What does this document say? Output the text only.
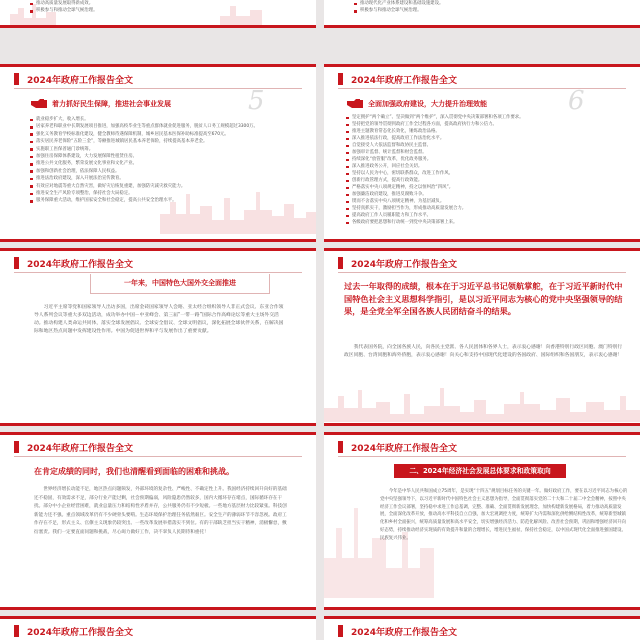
推动高质量发展取得新成效。
积极参与和推动全球气候治理。
推动现代化产业体系建设和基础设施建设。
积极参与和推动全球气候治理。
2024年政府工作报告全文
着力抓好民生保障，推进社会事业发展	5
就业稳步扩大，收入增长。
居家养老和职业中长期发展项目推进，加强高校毕业生等重点群体就业促进服务，脱贫人口务工规模超过3300万。
强化义务教育学校标准化建设，健全教师待遇保障机制，城乡居民基本医保补助标准提高至670元。
落实居民养老保险“五险三金”，等额推进城镇居民基本养老保险，持续提高基本养老金。
实施职工医保普通门诊统筹。
加强住房保障体系建设，大力发展保障性租赁住房。
推进公共文化服务，繁荣发展文化事业和文化产业。
加强和创新社会治理，依法保障人民权益。
推进法治政府建设，深入开展法治宣传教育。
有效应对地震等重大自然灾害，做好灾后恢复重建，加强防灾减灾救灾能力。
推进安全生产风险专项整治，保持社会大局稳定。
服务保障重大活动，维护国家安全和社会稳定，提高公共安全治理水平。
2024年政府工作报告全文
全面加强政府建设，大力提升治理效能	6
坚定拥护“两个确立”、坚决做到“两个维护”，深入贯彻党中央决策部署和各项工作要求。
坚持把党的领导贯彻到政府工作全过程各方面，提高政府执行力和公信力。
推进主题教育常态化长效化，锤炼政治品格。
深入推进依法行政，提高政府工作法治化水平。
自觉接受人大依法监督和政协民主监督。
加强审计监督、统计监督和财会监督。
持续深化“放管服”改革，优化政务服务。
深入推进政务公开，回应社会关切。
坚持以人民为中心，密切联系群众，改进工作作风。
创新行政管理方式，提高行政效能。
严格落实中央八项规定精神，持之以恒纠治“四风”。
加强廉洁政府建设，推进反腐败斗争。
锲而不舍落实中央八项规定精神，为基层减负。
坚持真抓实干，激励担当作为，形成推动高质量发展合力。
提高政府工作人员履职能力和工作水平。
各级政府要把思想和行动统一到党中央决策部署上来。
2024年政府工作报告全文
一年来，中国特色大国外交全面推进
习近平主席等党和国家领导人出访多国，出席金砖国家领导人会晤、亚太经合组织领导人非正式会议、东亚合作领导人系列会议等重大多双边活动，成功举办中国－中亚峰会、第三届“一带一路”国际合作高峰论坛等重大主场外交活动。推动构建人类命运共同体，落实全球发展倡议、全球安全倡议、全球文明倡议，深化拓展全球伙伴关系，在解决国际和地区热点问题中发挥建设性作用。中国为促进世界和平与发展作出了重要贡献。
2024年政府工作报告全文
过去一年取得的成绩，根本在于习近平总书记领航掌舵，在于习近平新时代中国特色社会主义思想科学指引，是以习近平同志为核心的党中央坚强领导的结果，是全党全军全国各族人民团结奋斗的结果。
我代表国务院，向全国各族人民，向各民主党派、各人民团体和各界人士，表示衷心感谢！向香港特别行政区同胞、澳门特别行政区同胞、台湾同胞和海外侨胞，表示衷心感谢！向关心和支持中国现代化建设的各国政府、国际组织和各国朋友，表示衷心感谢！
2024年政府工作报告全文
在肯定成绩的同时，我们也清醒看到面临的困难和挑战。
世界经济增长动能不足，地区热点问题频发，外部环境的复杂性、严峻性、不确定性上升。我国经济持续回升向好的基础还不稳固，有效需求不足，部分行业产能过剩，社会预期偏弱，风险隐患仍然较多，国内大循环存在堵点，国际循环存在干扰。部分中小企业经营困难，就业总量压力和结构性矛盾并存，公共服务仍有不少短板。一些地方基层财力比较紧张。科技创新能力还不强。重点领域改革仍有不少硬骨头要啃。生态环境保护治理任务依然艰巨。安全生产的薄弱环节不容忽视。政府工作存在不足，形式主义、官僚主义现象仍较突出。一些改革发展举措落实不到位。有的干部缺乏担当实干精神，消极懈怠，敷衍塞责。我们一定要直面问题和挑战，尽心竭力做好工作，决不辜负人民期待和重托！
2024年政府工作报告全文
二、2024年经济社会发展总体要求和政策取向
今年是中华人民共和国成立75周年，是实现“十四五”规划目标任务的关键一年。做好政府工作，要在以习近平同志为核心的党中央坚强领导下，以习近平新时代中国特色社会主义思想为指导，全面贯彻落实党的二十大和二十届二中全会精神，按照中央经济工作会议部署，坚持稳中求进工作总基调，完整、准确、全面贯彻新发展理念，加快构建新发展格局，着力推动高质量发展，全面深化改革开放，推动高水平科技自立自强，加大宏观调控力度，统筹扩大内需和深化供给侧结构性改革，统筹新型城镇化和乡村全面振兴，统筹高质量发展和高水平安全，切实增强经济活力、防范化解风险、改善社会预期，巩固和增强经济回升向好态势，持续推动经济实现质的有效提升和量的合理增长，增进民生福祉，保持社会稳定，以中国式现代化全面推进强国建设、民族复兴伟业。
2024年政府工作报告全文	2024年政府工作报告全文
